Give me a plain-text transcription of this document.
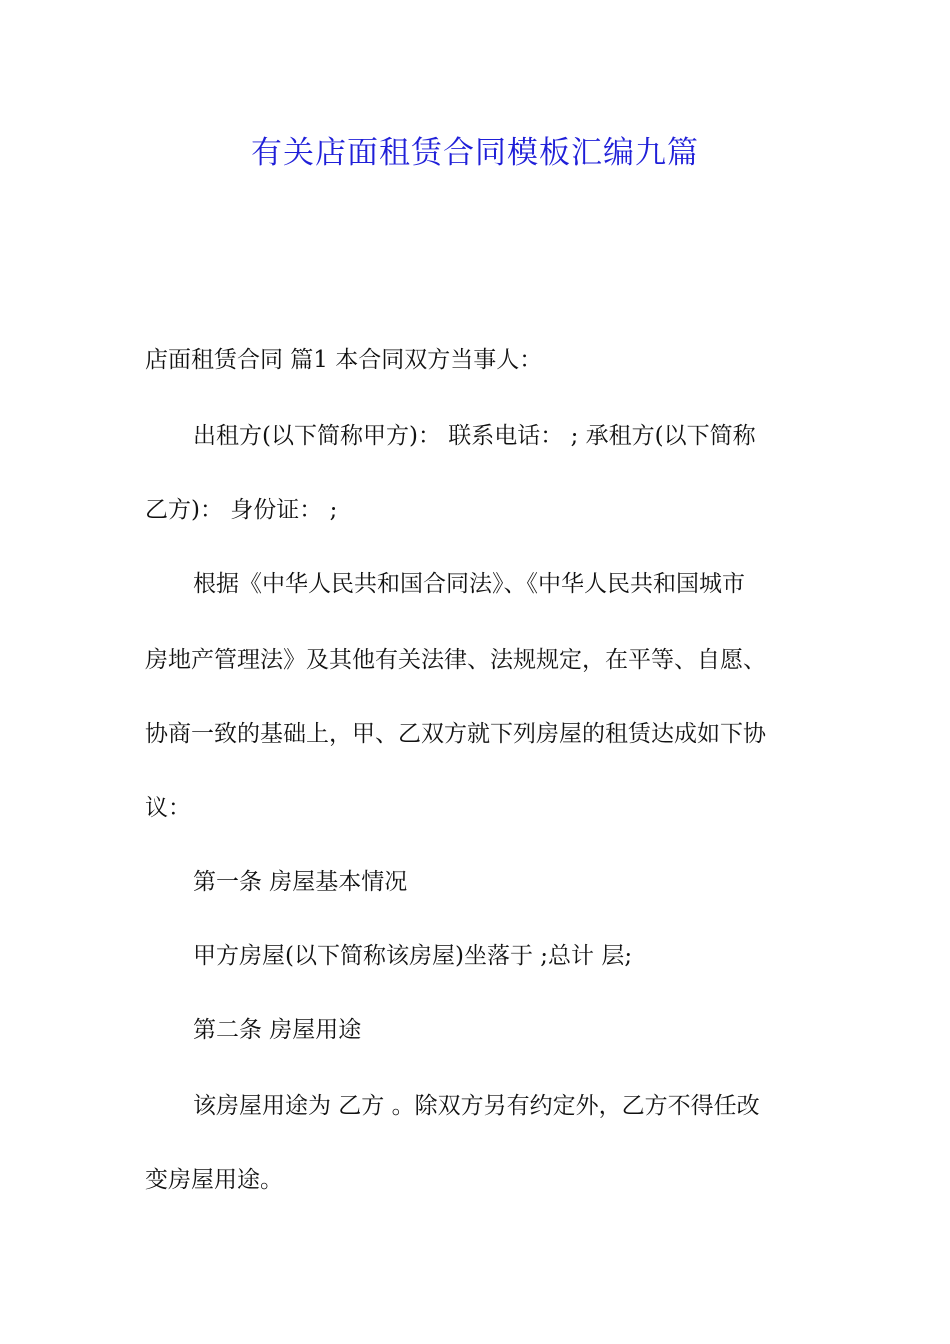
有关店面租赁合同模板汇编九篇
店面租赁合同 篇1 本合同双方当事人：
出租方(以下简称甲方)： 联系电话： ; 承租方(以下简称
乙方)： 身份证： ;
根据《中华人民共和国合同法》、《中华人民共和国城市
房地产管理法》及其他有关法律、法规规定，在平等、自愿、
协商一致的基础上，甲、乙双方就下列房屋的租赁达成如下协
议：
第一条 房屋基本情况
甲方房屋(以下简称该房屋)坐落于 ;总计 层;
第二条 房屋用途
该房屋用途为 乙方 。除双方另有约定外，乙方不得任改
变房屋用途。
